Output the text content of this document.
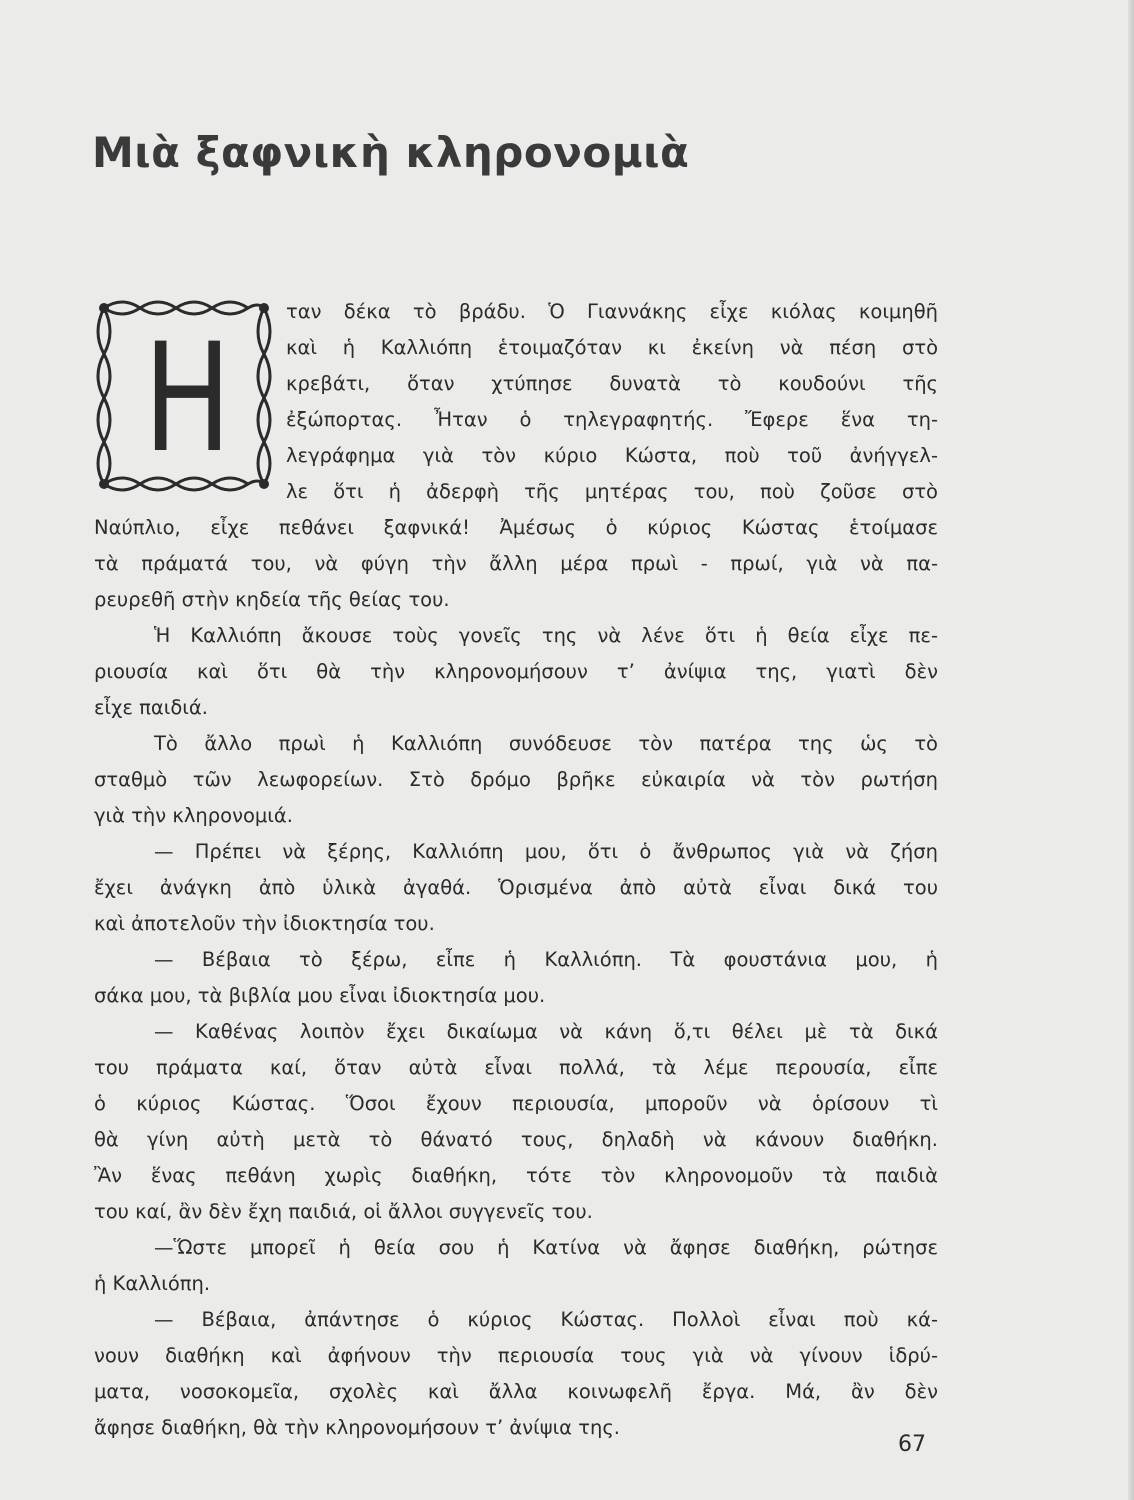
Μιὰ ξαφνικὴ κληρονομιὰ
Η
ταν δέκα τὸ βράδυ. Ὁ Γιαννάκης εἶχε κιόλας κοιμηθῆ
καὶ ἡ Καλλιόπη ἑτοιμαζόταν κι ἐκείνη νὰ πέση στὸ
κρεβάτι, ὅταν χτύπησε δυνατὰ τὸ κουδούνι τῆς
ἐξώπορτας. Ἦταν ὁ τηλεγραφητής. Ἔφερε ἕνα τη-
λεγράφημα γιὰ τὸν κύριο Κώστα, ποὺ τοῦ ἀνήγγελ-
λε ὅτι ἡ ἀδερφὴ τῆς μητέρας του, ποὺ ζοῦσε στὸ
Ναύπλιο, εἶχε πεθάνει ξαφνικά! Ἀμέσως ὁ κύριος Κώστας ἑτοίμασε
τὰ πράματά του, νὰ φύγη τὴν ἄλλη μέρα πρωὶ - πρωί, γιὰ νὰ πα-
ρευρεθῆ στὴν κηδεία τῆς θείας του.
Ἡ Καλλιόπη ἄκουσε τοὺς γονεῖς της νὰ λένε ὅτι ἡ θεία εἶχε πε-
ριουσία καὶ ὅτι θὰ τὴν κληρονομήσουν τ’ ἀνίψια της, γιατὶ δὲν
εἶχε παιδιά.
Τὸ ἄλλο πρωὶ ἡ Καλλιόπη συνόδευσε τὸν πατέρα της ὡς τὸ
σταθμὸ τῶν λεωφορείων. Στὸ δρόμο βρῆκε εὐκαιρία νὰ τὸν ρωτήση
γιὰ τὴν κληρονομιά.
— Πρέπει νὰ ξέρης, Καλλιόπη μου, ὅτι ὁ ἄνθρωπος γιὰ νὰ ζήση
ἔχει ἀνάγκη ἀπὸ ὑλικὰ ἀγαθά. Ὁρισμένα ἀπὸ αὐτὰ εἶναι δικά του
καὶ ἀποτελοῦν τὴν ἰδιοκτησία του.
— Βέβαια τὸ ξέρω, εἶπε ἡ Καλλιόπη. Τὰ φουστάνια μου, ἡ
σάκα μου, τὰ βιβλία μου εἶναι ἰδιοκτησία μου.
— Καθένας λοιπὸν ἔχει δικαίωμα νὰ κάνη ὅ,τι θέλει μὲ τὰ δικά
του πράματα καί, ὅταν αὐτὰ εἶναι πολλά, τὰ λέμε περουσία, εἶπε
ὁ κύριος Κώστας. Ὅσοι ἔχουν περιουσία, μποροῦν νὰ ὁρίσουν τὶ
θὰ γίνη αὐτὴ μετὰ τὸ θάνατό τους, δηλαδὴ νὰ κάνουν διαθήκη.
Ἂν ἕνας πεθάνη χωρὶς διαθήκη, τότε τὸν κληρονομοῦν τὰ παιδιὰ
του καί, ἂν δὲν ἔχη παιδιά, οἱ ἄλλοι συγγενεῖς του.
—Ὥστε μπορεῖ ἡ θεία σου ἡ Κατίνα νὰ ἄφησε διαθήκη, ρώτησε
ἡ Καλλιόπη.
— Βέβαια, ἀπάντησε ὁ κύριος Κώστας. Πολλοὶ εἶναι ποὺ κά-
νουν διαθήκη καὶ ἀφήνουν τὴν περιουσία τους γιὰ νὰ γίνουν ἱδρύ-
ματα, νοσοκομεῖα, σχολὲς καὶ ἄλλα κοινωφελῆ ἔργα. Μά, ἂν δὲν
ἄφησε διαθήκη, θὰ τὴν κληρονομήσουν τ’ ἀνίψια της.
67
